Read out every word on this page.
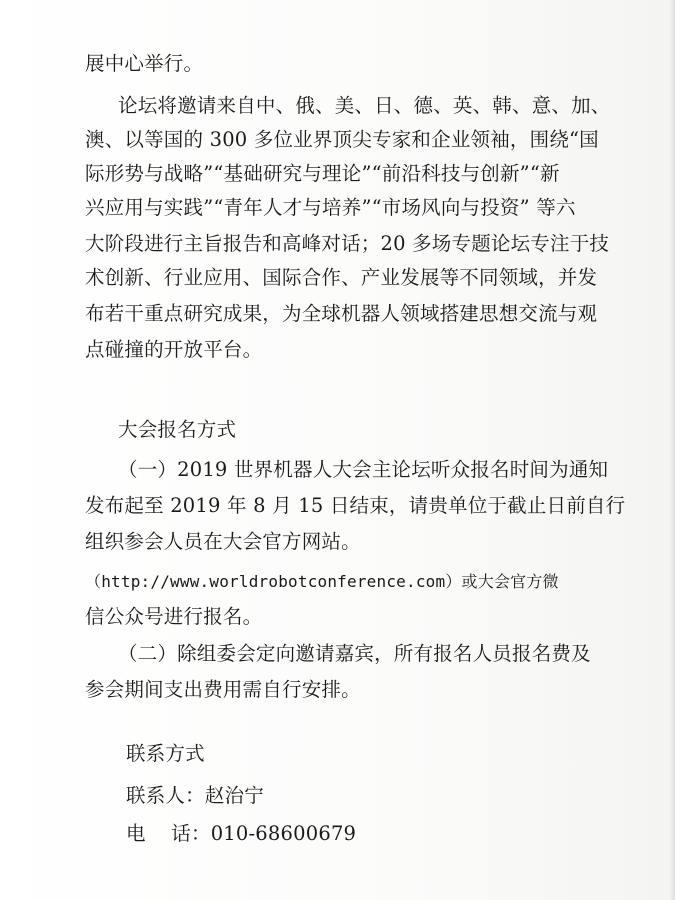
展中心举行。
论坛将邀请来自中、俄、美、日、德、英、韩、意、加、
澳、以等国的 300 多位业界顶尖专家和企业领袖，围绕“国
际形势与战略”“基础研究与理论”“前沿科技与创新”“新
兴应用与实践”“青年人才与培养”“市场风向与投资” 等六
大阶段进行主旨报告和高峰对话；20 多场专题论坛专注于技
术创新、行业应用、国际合作、产业发展等不同领域，并发
布若干重点研究成果，为全球机器人领域搭建思想交流与观
点碰撞的开放平台。
大会报名方式
（一）2019 世界机器人大会主论坛听众报名时间为通知
发布起至 2019 年 8 月 15 日结束，请贵单位于截止日前自行
组织参会人员在大会官方网站。
（http://www.worldrobotconference.com）或大会官方微
信公众号进行报名。
（二）除组委会定向邀请嘉宾，所有报名人员报名费及
参会期间支出费用需自行安排。
联系方式
联系人：赵治宁
电    话：010-68600679
